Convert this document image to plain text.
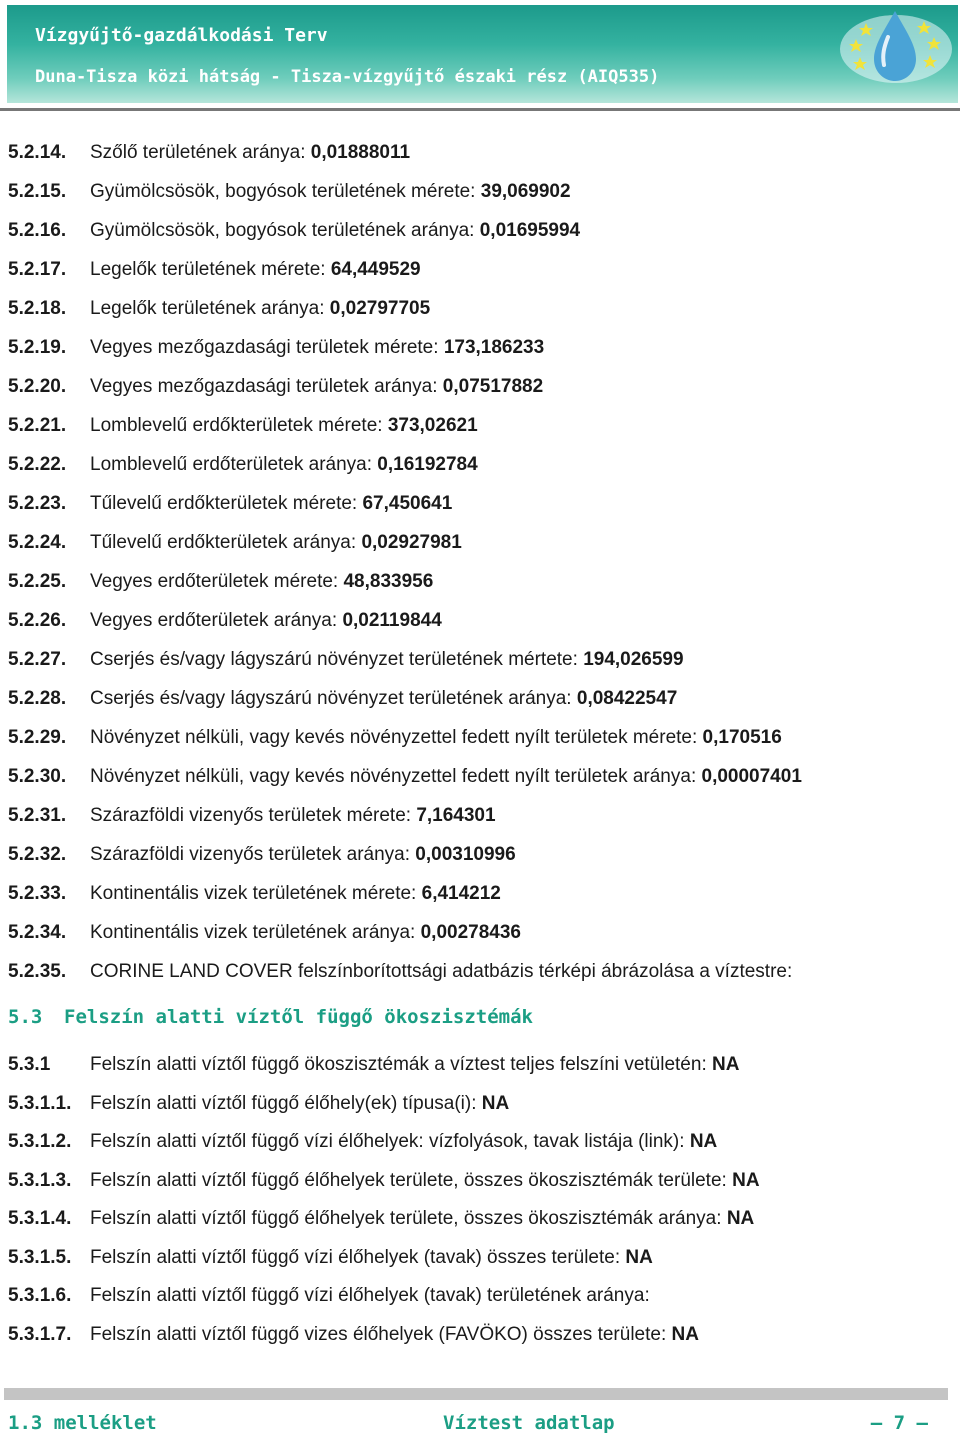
Vízgyűjtő-gazdálkodási Terv
Duna-Tisza közi hátság - Tisza-vízgyűjtő északi rész (AIQ535)
5.2.14. Szőlő területének aránya: 0,01888011
5.2.15. Gyümölcsösök, bogyósok területének mérete: 39,069902
5.2.16. Gyümölcsösök, bogyósok területének aránya: 0,01695994
5.2.17. Legelők területének mérete: 64,449529
5.2.18. Legelők területének aránya: 0,02797705
5.2.19. Vegyes mezőgazdasági területek mérete: 173,186233
5.2.20. Vegyes mezőgazdasági területek aránya: 0,07517882
5.2.21. Lomblevelű erdőkterületek mérete: 373,02621
5.2.22. Lomblevelű erdőterületek aránya: 0,16192784
5.2.23. Tűlevelű erdőkterületek mérete: 67,450641
5.2.24. Tűlevelű erdőkterületek aránya: 0,02927981
5.2.25. Vegyes erdőterületek mérete: 48,833956
5.2.26. Vegyes erdőterületek aránya: 0,02119844
5.2.27. Cserjés és/vagy lágyszárú növényzet területének mértete: 194,026599
5.2.28. Cserjés és/vagy lágyszárú növényzet területének aránya: 0,08422547
5.2.29. Növényzet nélküli, vagy kevés növényzettel fedett nyílt területek mérete: 0,170516
5.2.30. Növényzet nélküli, vagy kevés növényzettel fedett nyílt területek aránya: 0,00007401
5.2.31. Szárazföldi vizenyős területek mérete: 7,164301
5.2.32. Szárazföldi vizenyős területek aránya: 0,00310996
5.2.33. Kontinentális vizek területének mérete: 6,414212
5.2.34. Kontinentális vizek területének aránya: 0,00278436
5.2.35. CORINE LAND COVER felszínborítottsági adatbázis térképi ábrázolása a víztestre:
5.3 Felszín alatti víztől függő ökoszisztémák
5.3.1 Felszín alatti víztől függő ökoszisztémák a víztest teljes felszíni vetületén: NA
5.3.1.1. Felszín alatti víztől függő élőhely(ek) típusa(i): NA
5.3.1.2. Felszín alatti víztől függő vízi élőhelyek: vízfolyások, tavak listája (link): NA
5.3.1.3. Felszín alatti víztől függő élőhelyek területe, összes ökoszisztémák területe: NA
5.3.1.4. Felszín alatti víztől függő élőhelyek területe, összes ökoszisztémák aránya: NA
5.3.1.5. Felszín alatti víztől függő vízi élőhelyek (tavak) összes területe: NA
5.3.1.6. Felszín alatti víztől függő vízi élőhelyek (tavak) területének aránya:
5.3.1.7. Felszín alatti víztől függő vizes élőhelyek (FAVÖKO) összes területe: NA
1.3 melléklet	Víztest adatlap	— 7 —
